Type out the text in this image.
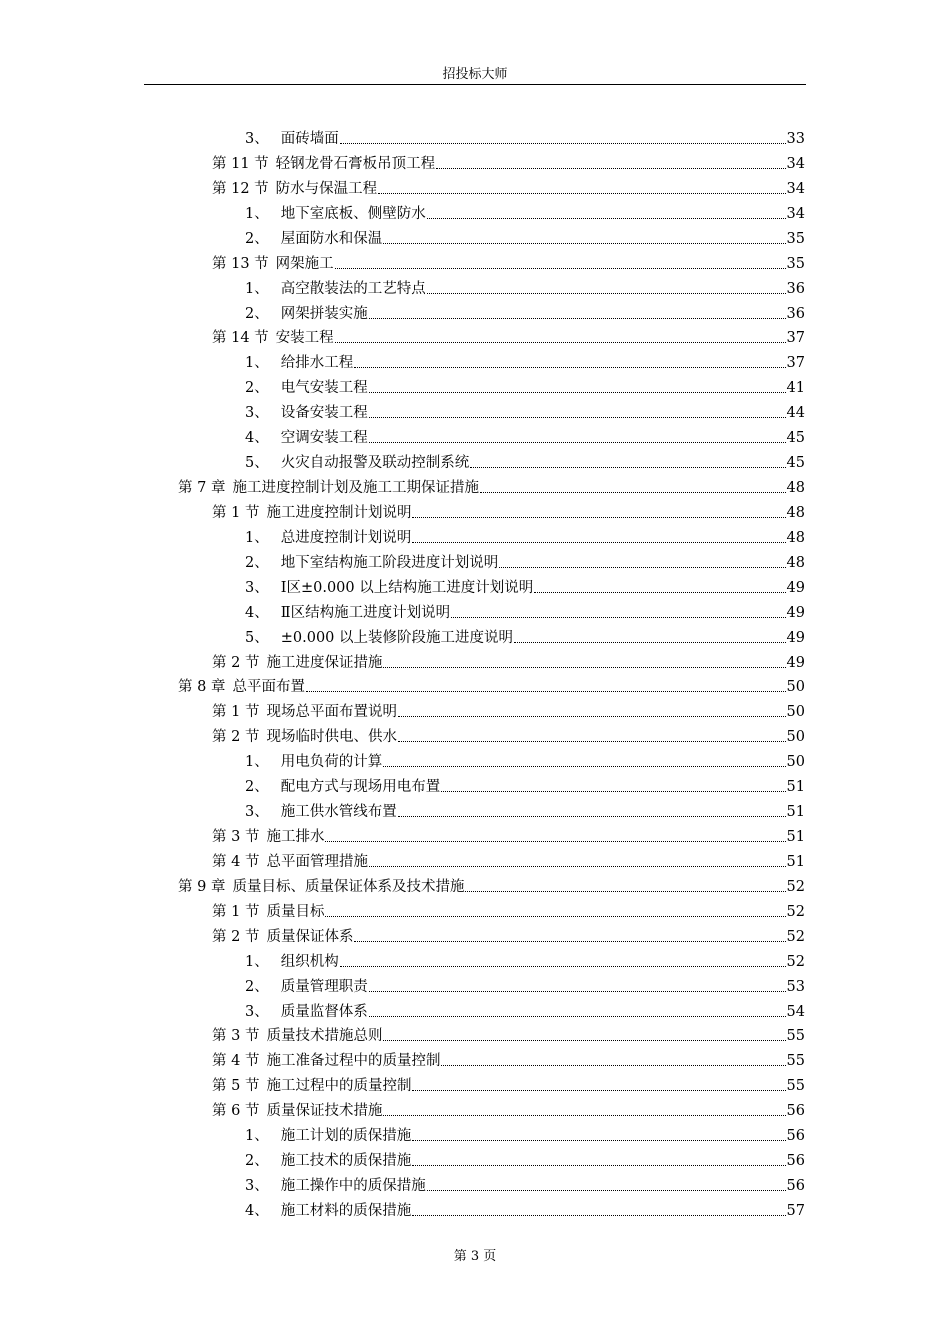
招投标大师
3、 面砖墙面	33
第 11 节 轻钢龙骨石膏板吊顶工程	34
第 12 节 防水与保温工程	34
1、 地下室底板、侧壁防水	34
2、 屋面防水和保温	35
第 13 节 网架施工	35
1、 高空散装法的工艺特点	36
2、 网架拼装实施	36
第 14 节 安装工程	37
1、 给排水工程	37
2、 电气安装工程	41
3、 设备安装工程	44
4、 空调安装工程	45
5、 火灾自动报警及联动控制系统	45
第 7 章 施工进度控制计划及施工工期保证措施	48
第 1 节 施工进度控制计划说明	48
1、 总进度控制计划说明	48
2、 地下室结构施工阶段进度计划说明	48
3、 Ⅰ区±0.000 以上结构施工进度计划说明	49
4、 Ⅱ区结构施工进度计划说明	49
5、 ±0.000 以上装修阶段施工进度说明	49
第 2 节 施工进度保证措施	49
第 8 章 总平面布置	50
第 1 节 现场总平面布置说明	50
第 2 节 现场临时供电、供水	50
1、 用电负荷的计算	50
2、 配电方式与现场用电布置	51
3、 施工供水管线布置	51
第 3 节 施工排水	51
第 4 节 总平面管理措施	51
第 9 章 质量目标、质量保证体系及技术措施	52
第 1 节 质量目标	52
第 2 节 质量保证体系	52
1、 组织机构	52
2、 质量管理职责	53
3、 质量监督体系	54
第 3 节 质量技术措施总则	55
第 4 节 施工准备过程中的质量控制	55
第 5 节 施工过程中的质量控制	55
第 6 节 质量保证技术措施	56
1、 施工计划的质保措施	56
2、 施工技术的质保措施	56
3、 施工操作中的质保措施	56
4、 施工材料的质保措施	57
第 3 页
